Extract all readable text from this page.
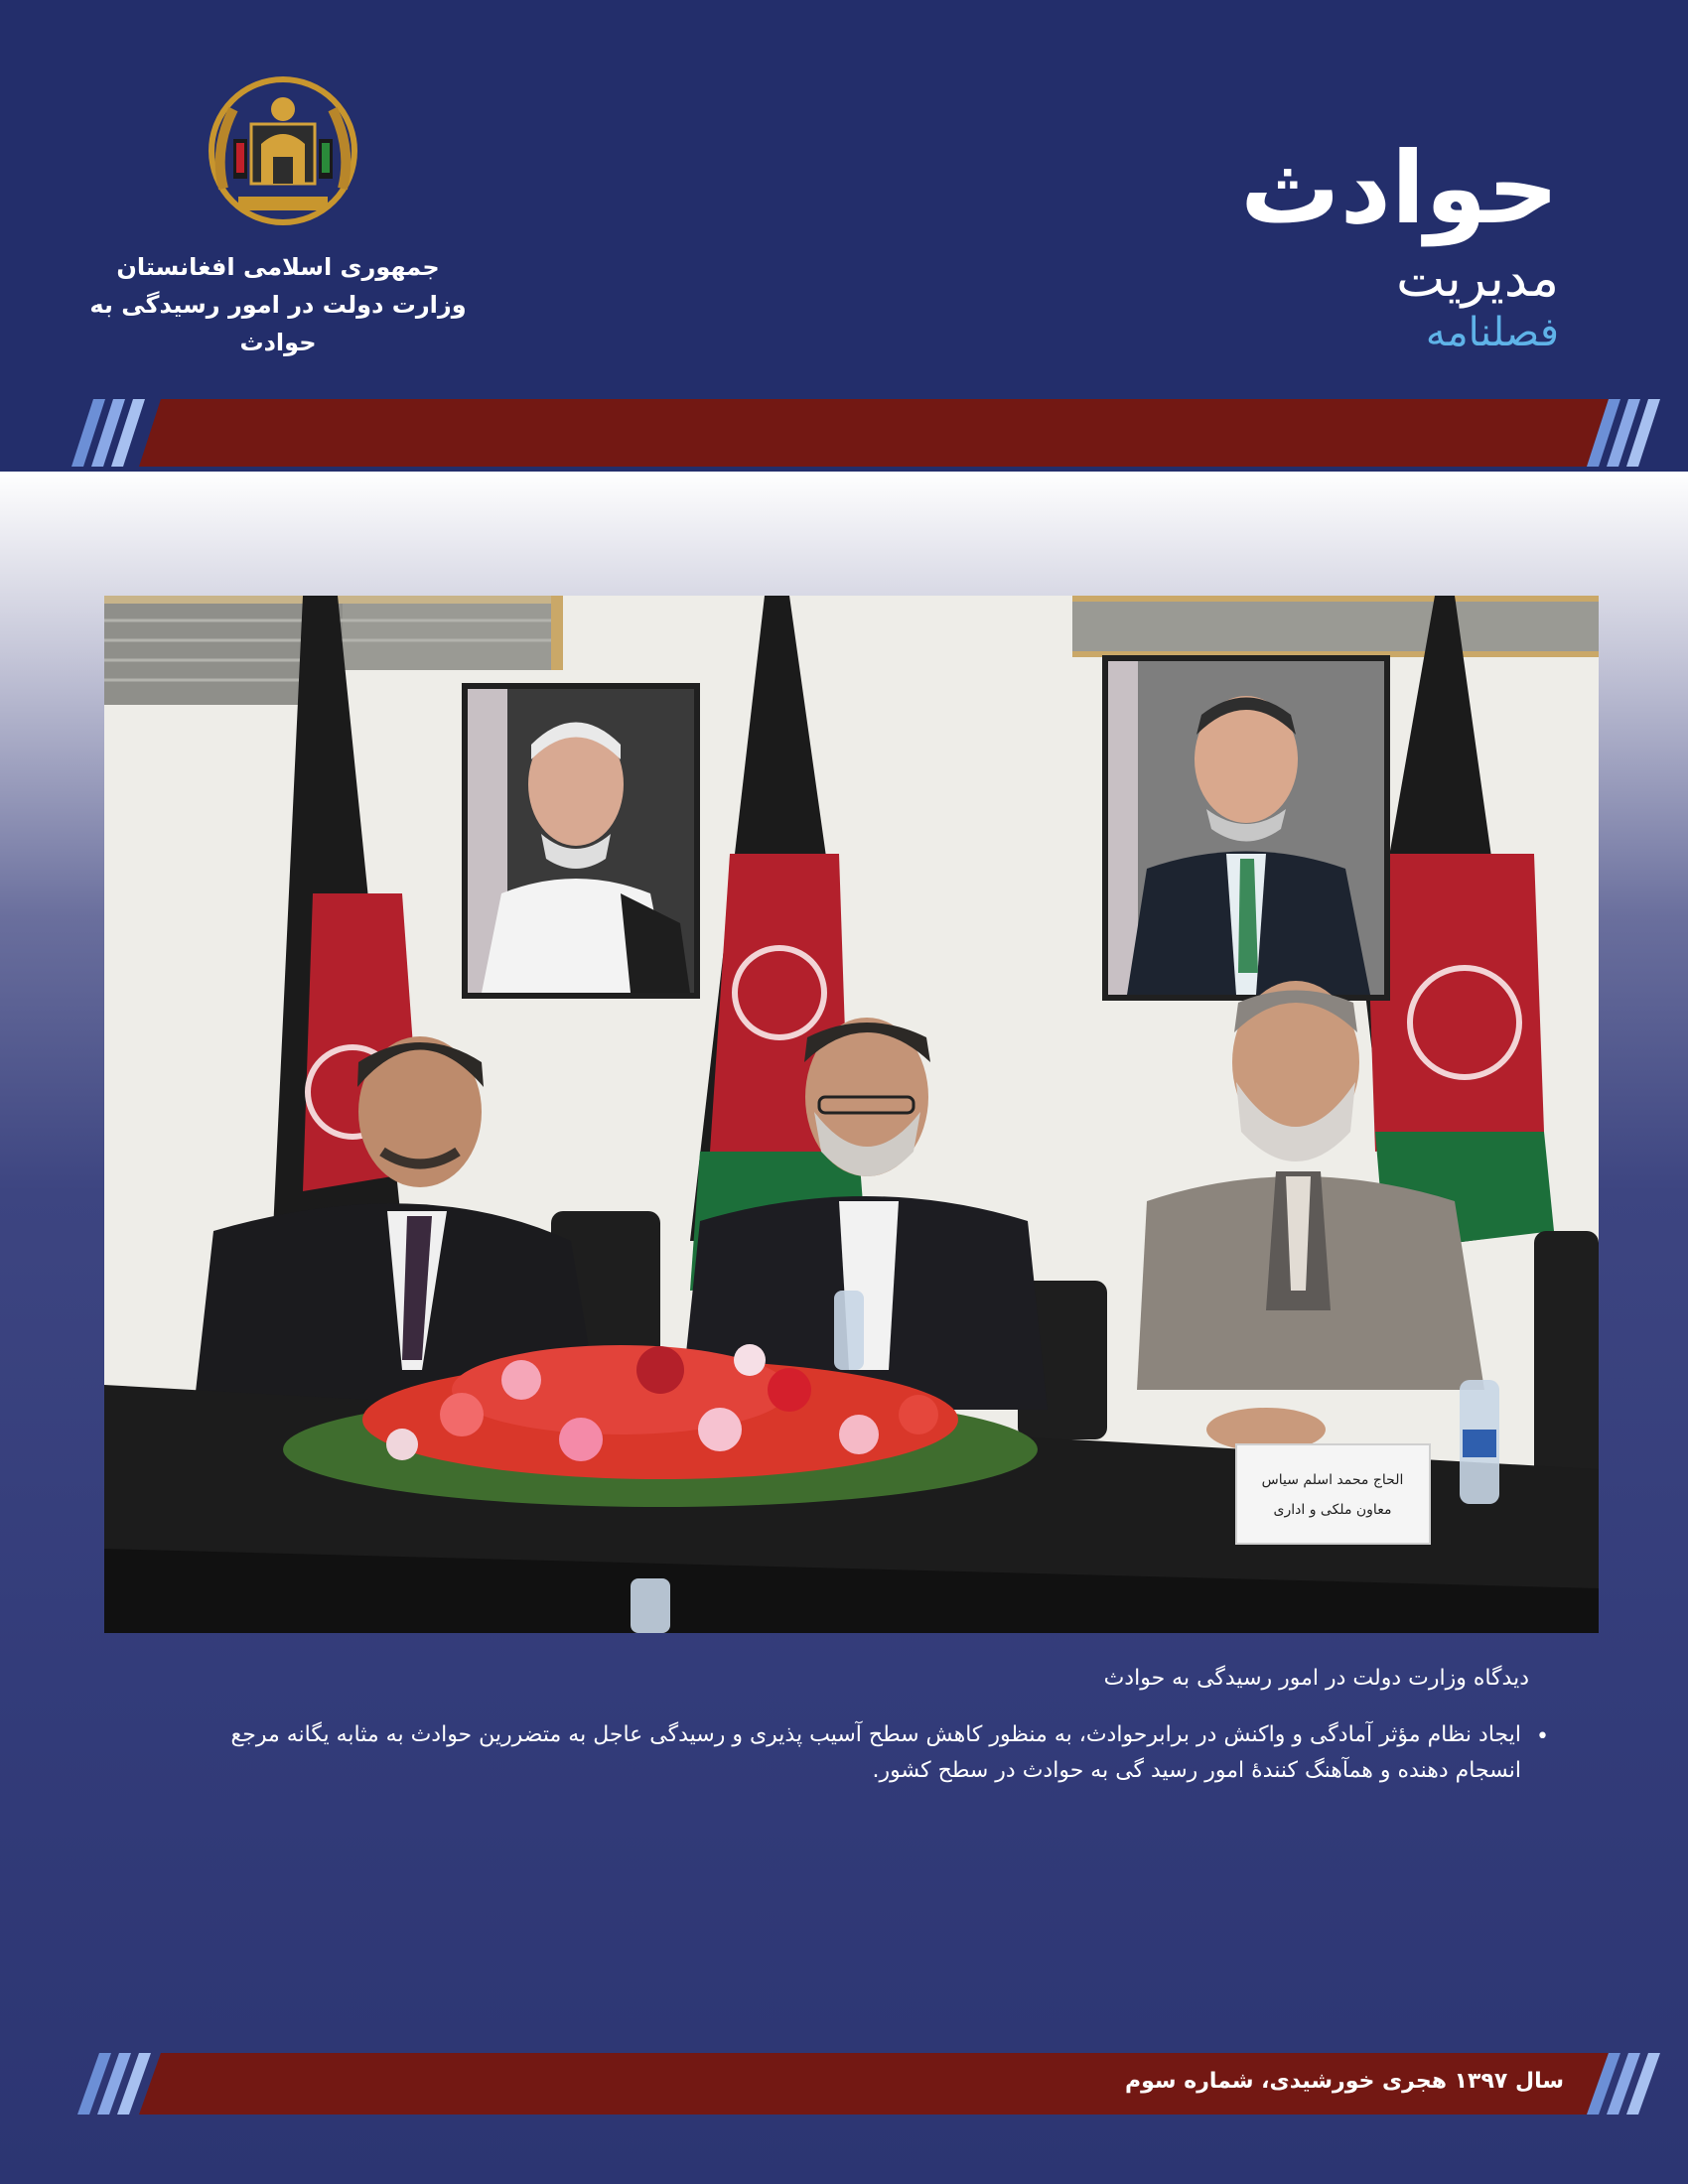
جمهوری اسلامی افغانستان
وزارت دولت در امور رسیدگی به حوادث
حوادث
مدیریت
فصلنامه
الحاج محمد اسلم سیاس
معاون ملکی و اداری
دیدگاه وزارت دولت در امور رسیدگی به حوادث
•
ایجاد نظام مؤثر آمادگی و واکنش در برابرحوادث، به منظور کاهش سطح آسیب پذیری و رسیدگی عاجل به متضررین حوادث به مثابه یگانه مرجع
انسجام دهنده و همآهنگ کنندۀ امور رسید گی به حوادث در سطح کشور.
سال ۱۳۹۷ هجری خورشیدی، شماره سوم
